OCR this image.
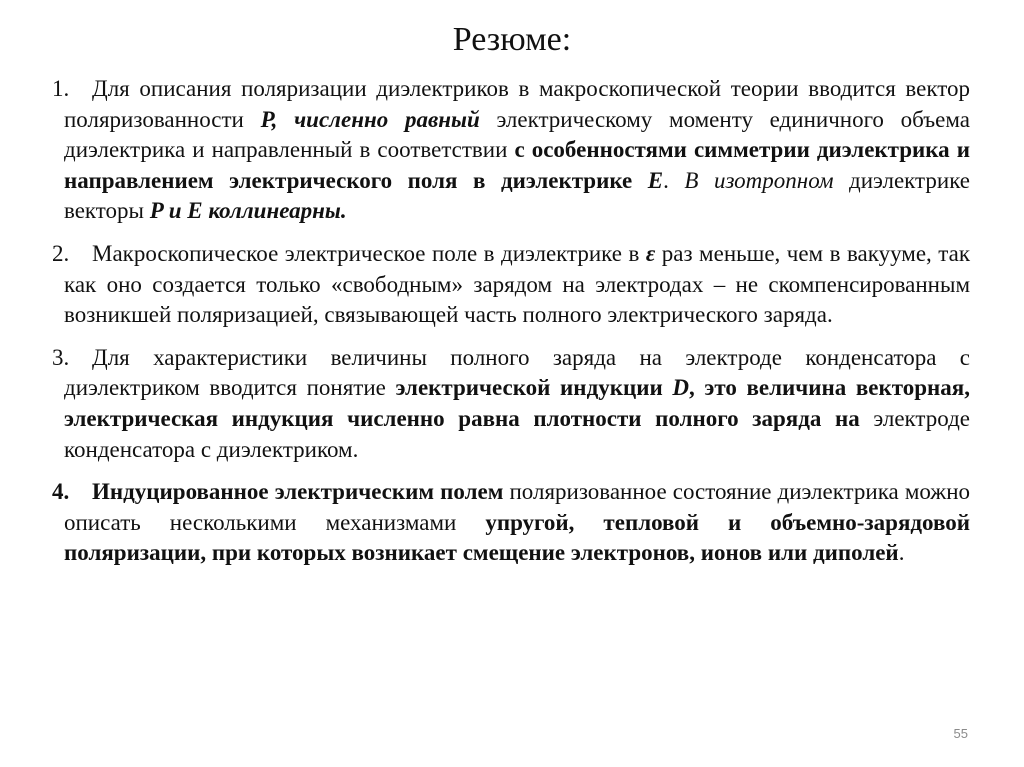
Резюме:
1. Для описания поляризации диэлектриков в макроскопической теории вводится вектор поляризованности P, численно равный электрическому моменту единичного объема диэлектрика и направленный в соответствии с особенностями симметрии диэлектрика и направлением электрического поля в диэлектрике E. В изотропном диэлектрике векторы P и E коллинеарны.
2. Макроскопическое электрическое поле в диэлектрике в ε раз меньше, чем в вакууме, так как оно создается только «свободным» зарядом на электродах – не скомпенсированным возникшей поляризацией, связывающей часть полного электрического заряда.
3. Для характеристики величины полного заряда на электроде конденсатора с диэлектриком вводится понятие электрической индукции D, это величина векторная, электрическая индукция численно равна плотности полного заряда на электроде конденсатора с диэлектриком.
4. Индуцированное электрическим полем поляризованное состояние диэлектрика можно описать несколькими механизмами упругой, тепловой и объемно-зарядовой поляризации, при которых возникает смещение электронов, ионов или диполей.
55
